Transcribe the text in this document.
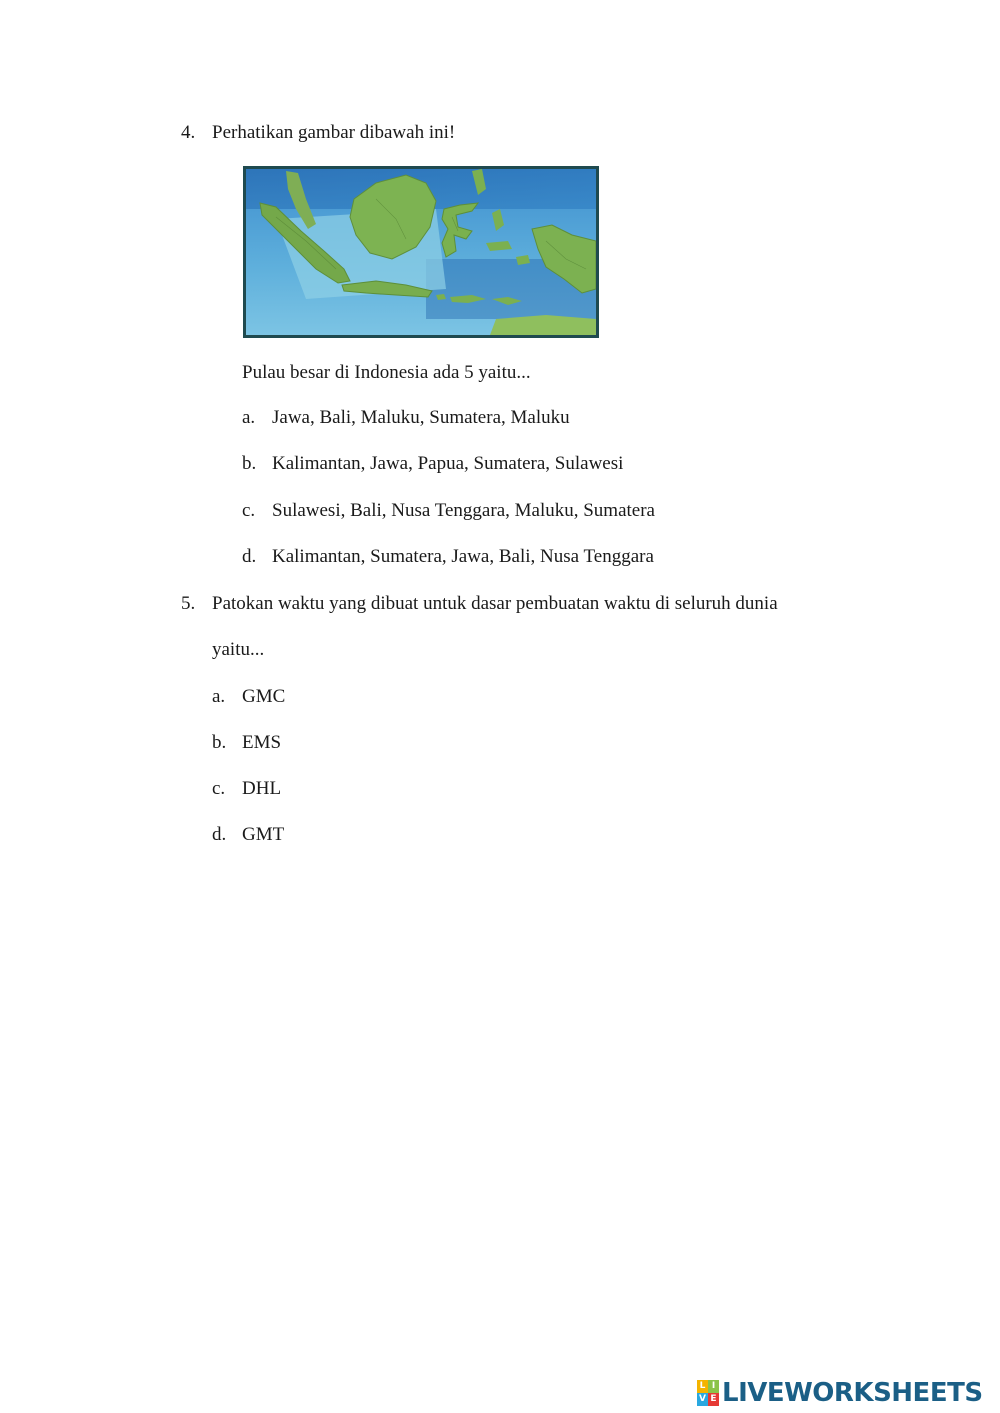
4. Perhatikan gambar dibawah ini!
Pulau besar di Indonesia ada 5 yaitu...
a. Jawa, Bali, Maluku, Sumatera, Maluku
b. Kalimantan, Jawa, Papua, Sumatera, Sulawesi
c. Sulawesi, Bali, Nusa Tenggara, Maluku, Sumatera
d. Kalimantan, Sumatera, Jawa, Bali, Nusa Tenggara
5. Patokan waktu yang dibuat untuk dasar pembuatan waktu di seluruh dunia
yaitu...
a. GMC
b. EMS
c. DHL
d. GMT
L I
V E LIVEWORKSHEETS
